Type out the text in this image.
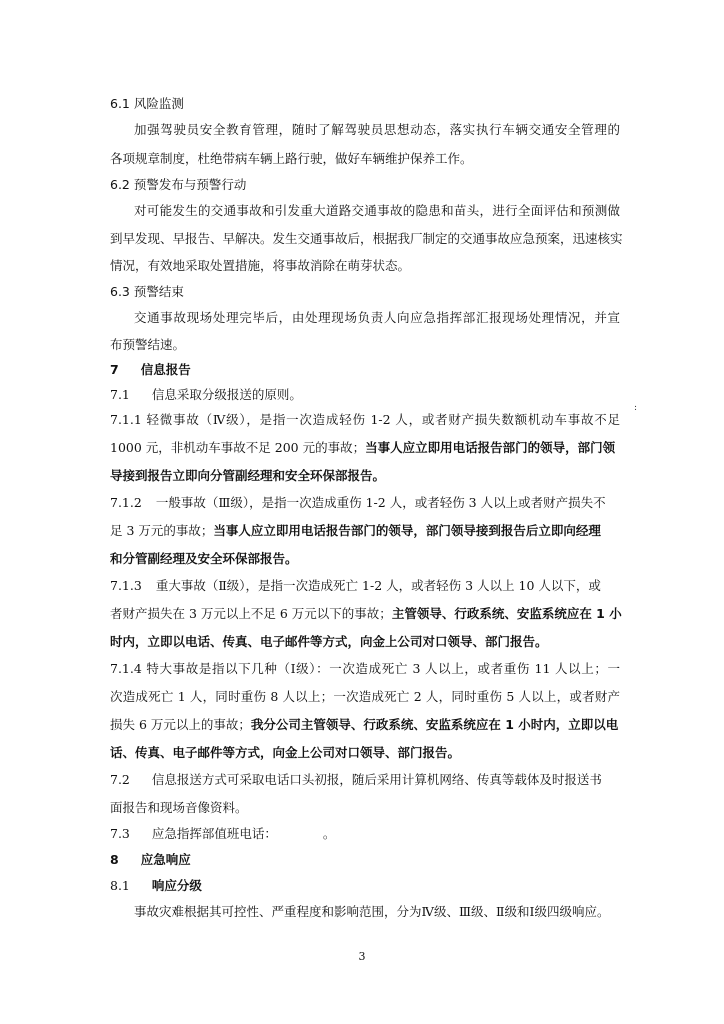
6.1 风险监测
加强驾驶员安全教育管理，随时了解驾驶员思想动态，落实执行车辆交通安全管理的
各项规章制度，杜绝带病车辆上路行驶，做好车辆维护保养工作。
6.2 预警发布与预警行动
对可能发生的交通事故和引发重大道路交通事故的隐患和苗头，进行全面评估和预测做
到早发现、早报告、早解决。发生交通事故后，根据我厂制定的交通事故应急预案，迅速核实
情况，有效地采取处置措施，将事故消除在萌芽状态。
6.3 预警结束
交通事故现场处理完毕后，由处理现场负责人向应急指挥部汇报现场处理情况，并宣
布预警结速。
7 信息报告
7.1 信息采取分级报送的原则。
7.1.1 轻微事故（Ⅳ级），是指一次造成轻伤 1-2 人，或者财产损失数额机动车事故不足
1000 元，非机动车事故不足 200 元的事故；当事人应立即用电话报告部门的领导，部门领
导接到报告立即向分管副经理和安全环保部报告。
7.1.2 一般事故（Ⅲ级），是指一次造成重伤 1-2 人，或者轻伤 3 人以上或者财产损失不
足 3 万元的事故；当事人应立即用电话报告部门的领导，部门领导接到报告后立即向经理
和分管副经理及安全环保部报告。
7.1.3 重大事故（Ⅱ级），是指一次造成死亡 1-2 人，或者轻伤 3 人以上 10 人以下，或
者财产损失在 3 万元以上不足 6 万元以下的事故；主管领导、行政系统、安监系统应在 1 小
时内，立即以电话、传真、电子邮件等方式，向金上公司对口领导、部门报告。
7.1.4 特大事故是指以下几种（Ⅰ级）：一次造成死亡 3 人以上，或者重伤 11 人以上；一
次造成死亡 1 人，同时重伤 8 人以上；一次造成死亡 2 人，同时重伤 5 人以上，或者财产
损失 6 万元以上的事故；我分公司主管领导、行政系统、安监系统应在 1 小时内，立即以电
话、传真、电子邮件等方式，向金上公司对口领导、部门报告。
7.2 信息报送方式可采取电话口头初报，随后采用计算机网络、传真等载体及时报送书
面报告和现场音像资料。
7.3 应急指挥部值班电话：	。
8 应急响应
8.1 响应分级
事故灾难根据其可控性、严重程度和影响范围，分为Ⅳ级、Ⅲ级、Ⅱ级和Ⅰ级四级响应。
:
3
